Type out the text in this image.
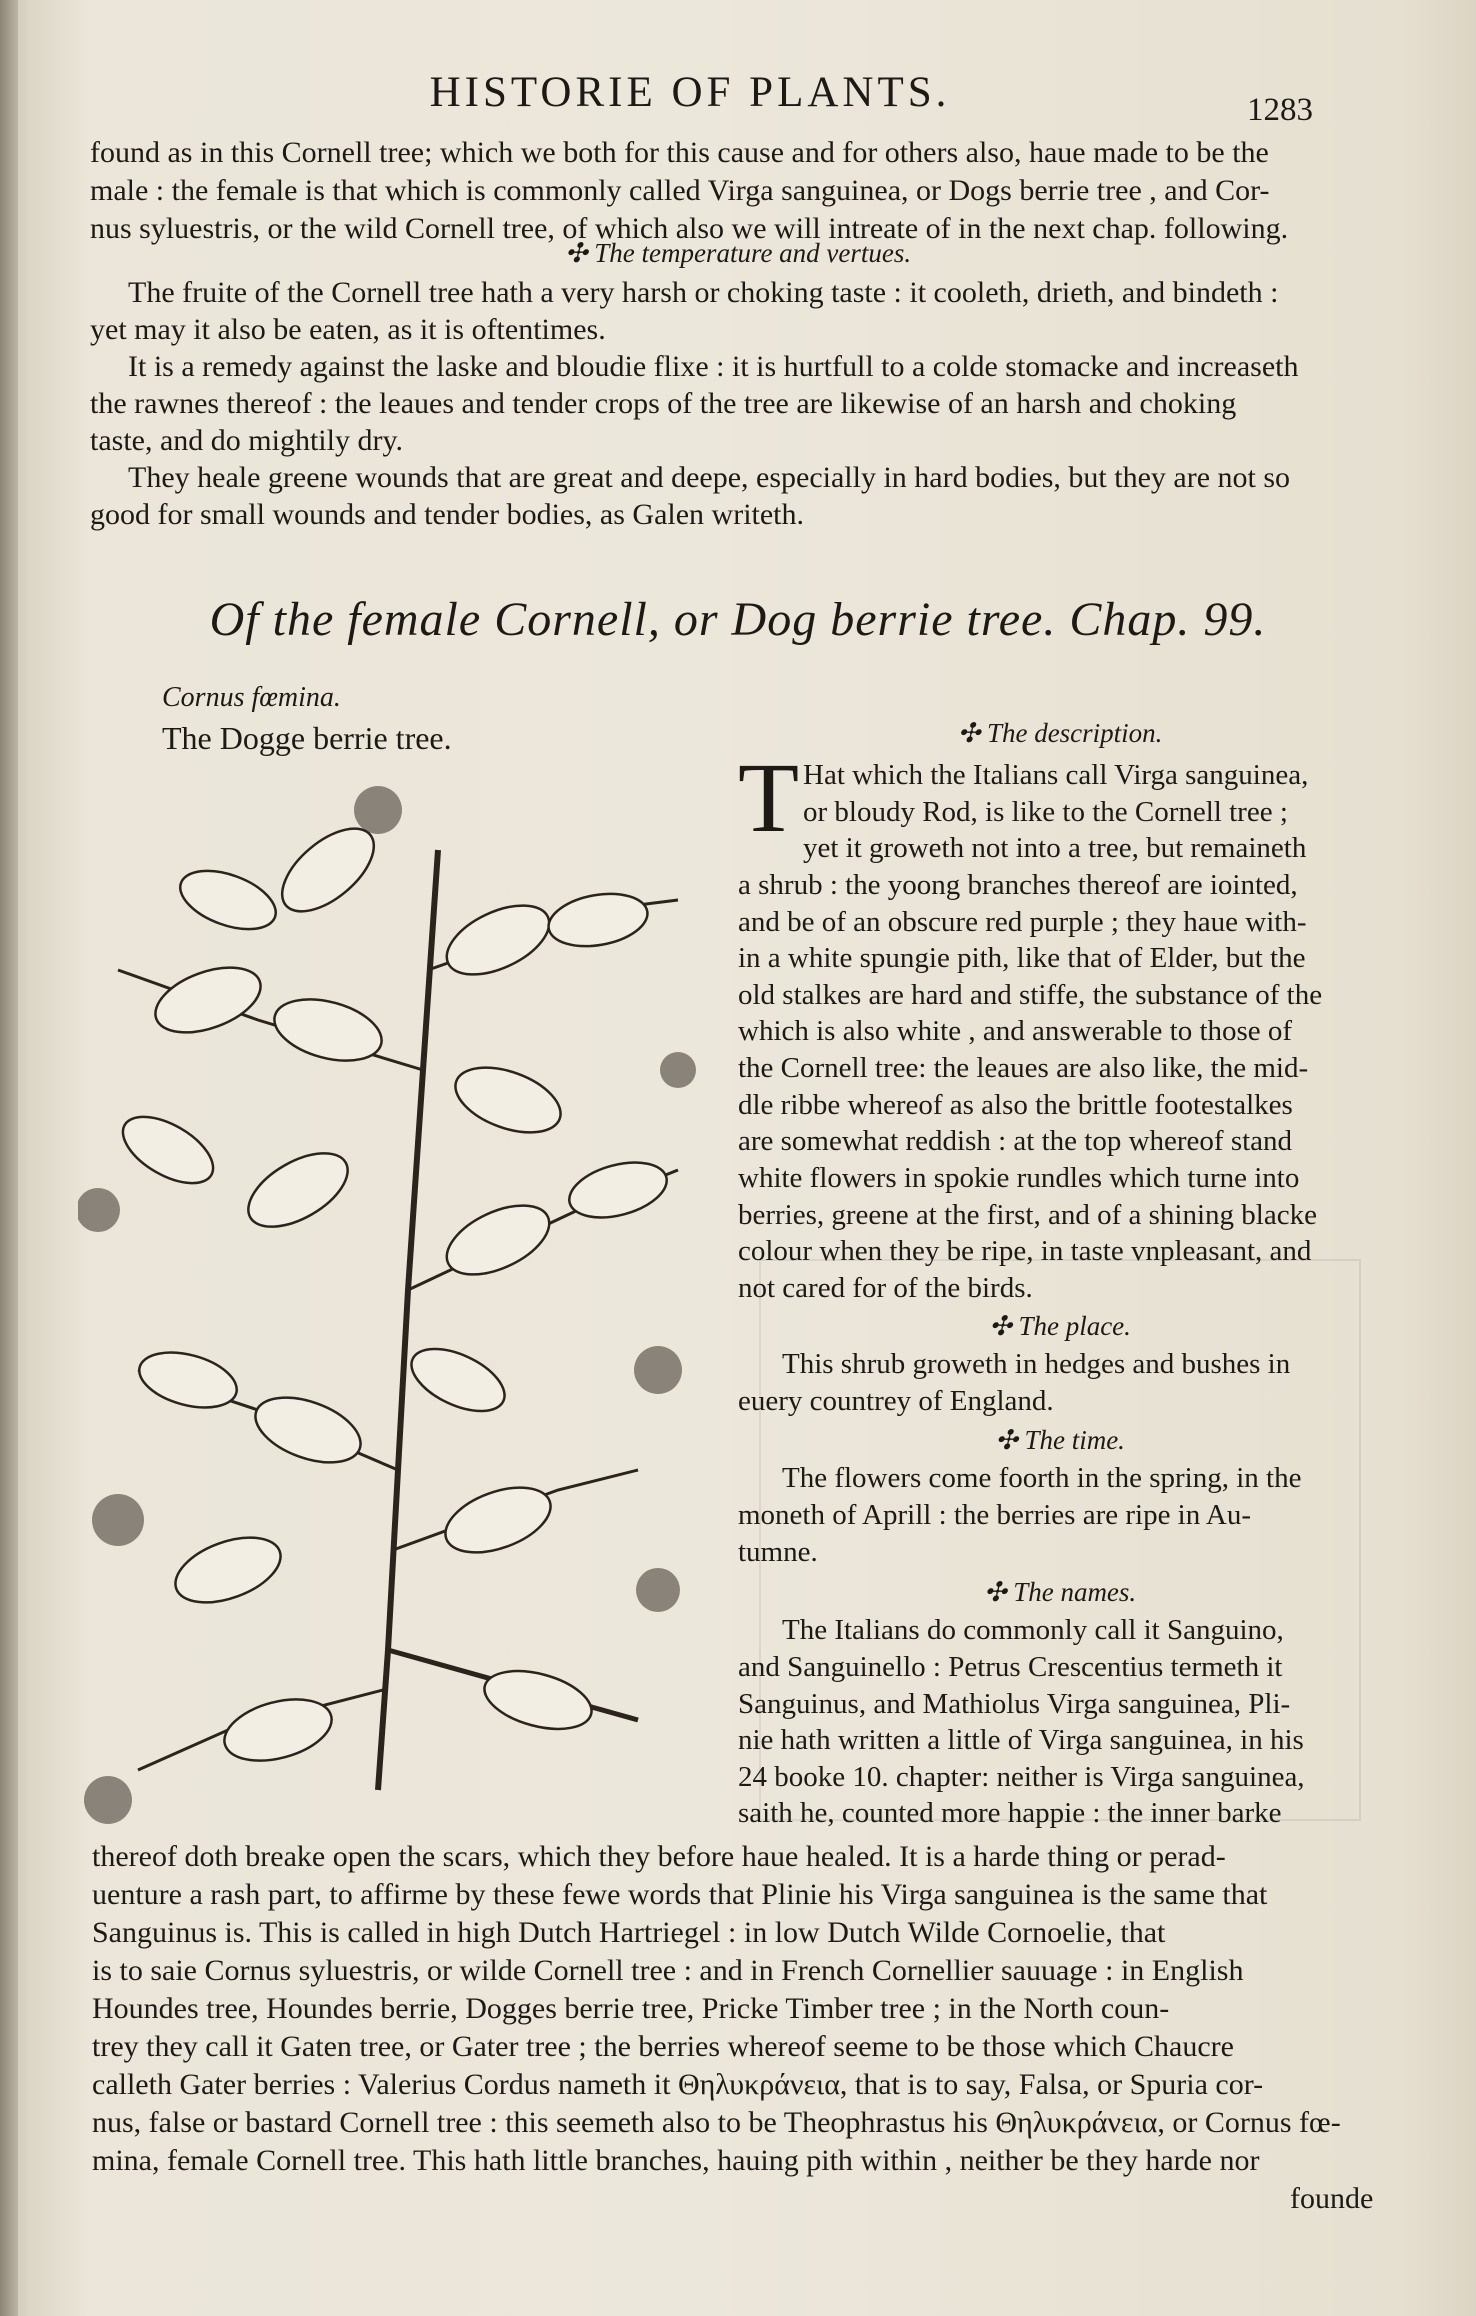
HISTORIE OF PLANTS.	1283
found as in this Cornell tree; which we both for this cause and for others also, haue made to be the
male : the female is that which is commonly called Virga sanguinea, or Dogs berrie tree , and Cor-
nus syluestris, or the wild Cornell tree, of which also we will intreate of in the next chap. following.
✣ The temperature and vertues.
The fruite of the Cornell tree hath a very harsh or choking taste : it cooleth, drieth, and bindeth :
yet may it also be eaten, as it is oftentimes.
It is a remedy against the laske and bloudie flixe : it is hurtfull to a colde stomacke and increaseth
the rawnes thereof : the leaues and tender crops of the tree are likewise of an harsh and choking
taste, and do mightily dry.
They heale greene wounds that are great and deepe, especially in hard bodies, but they are not so
good for small wounds and tender bodies, as Galen writeth.
Of the female Cornell, or Dog berrie tree. Chap. 99.
Cornus fœmina.
The Dogge berrie tree.	✣ The description.
T Hat which the Italians call Virga sanguinea,
or bloudy Rod, is like to the Cornell tree ;
yet it groweth not into a tree, but remaineth
a shrub : the yoong branches thereof are iointed,
and be of an obscure red purple ; they haue with-
in a white spungie pith, like that of Elder, but the
old stalkes are hard and stiffe, the substance of the
which is also white , and answerable to those of
the Cornell tree: the leaues are also like, the mid-
dle ribbe whereof as also the brittle footestalkes
are somewhat reddish : at the top whereof stand
white flowers in spokie rundles which turne into
berries, greene at the first, and of a shining blacke
colour when they be ripe, in taste vnpleasant, and
not cared for of the birds.
✣ The place.
This shrub groweth in hedges and bushes in
euery countrey of England.
✣ The time.
The flowers come foorth in the spring, in the
moneth of Aprill : the berries are ripe in Au-
tumne.
✣ The names.
The Italians do commonly call it Sanguino,
and Sanguinello : Petrus Crescentius termeth it
Sanguinus, and Mathiolus Virga sanguinea, Pli-
nie hath written a little of Virga sanguinea, in his
24 booke 10. chapter: neither is Virga sanguinea,
saith he, counted more happie : the inner barke
thereof doth breake open the scars, which they before haue healed. It is a harde thing or perad-
uenture a rash part, to affirme by these fewe words that Plinie his Virga sanguinea is the same that
Sanguinus is. This is called in high Dutch Hartriegel : in low Dutch Wilde Cornoelie, that
is to saie Cornus syluestris, or wilde Cornell tree : and in French Cornellier sauuage : in English
Houndes tree, Houndes berrie, Dogges berrie tree, Pricke Timber tree ; in the North coun-
trey they call it Gaten tree, or Gater tree ; the berries whereof seeme to be those which Chaucre
calleth Gater berries : Valerius Cordus nameth it Θηλυκράνεια, that is to say, Falsa, or Spuria cor-
nus, false or bastard Cornell tree : this seemeth also to be Theophrastus his Θηλυκράνεια, or Cornus fœ-
mina, female Cornell tree. This hath little branches, hauing pith within , neither be they harde nor
founde
